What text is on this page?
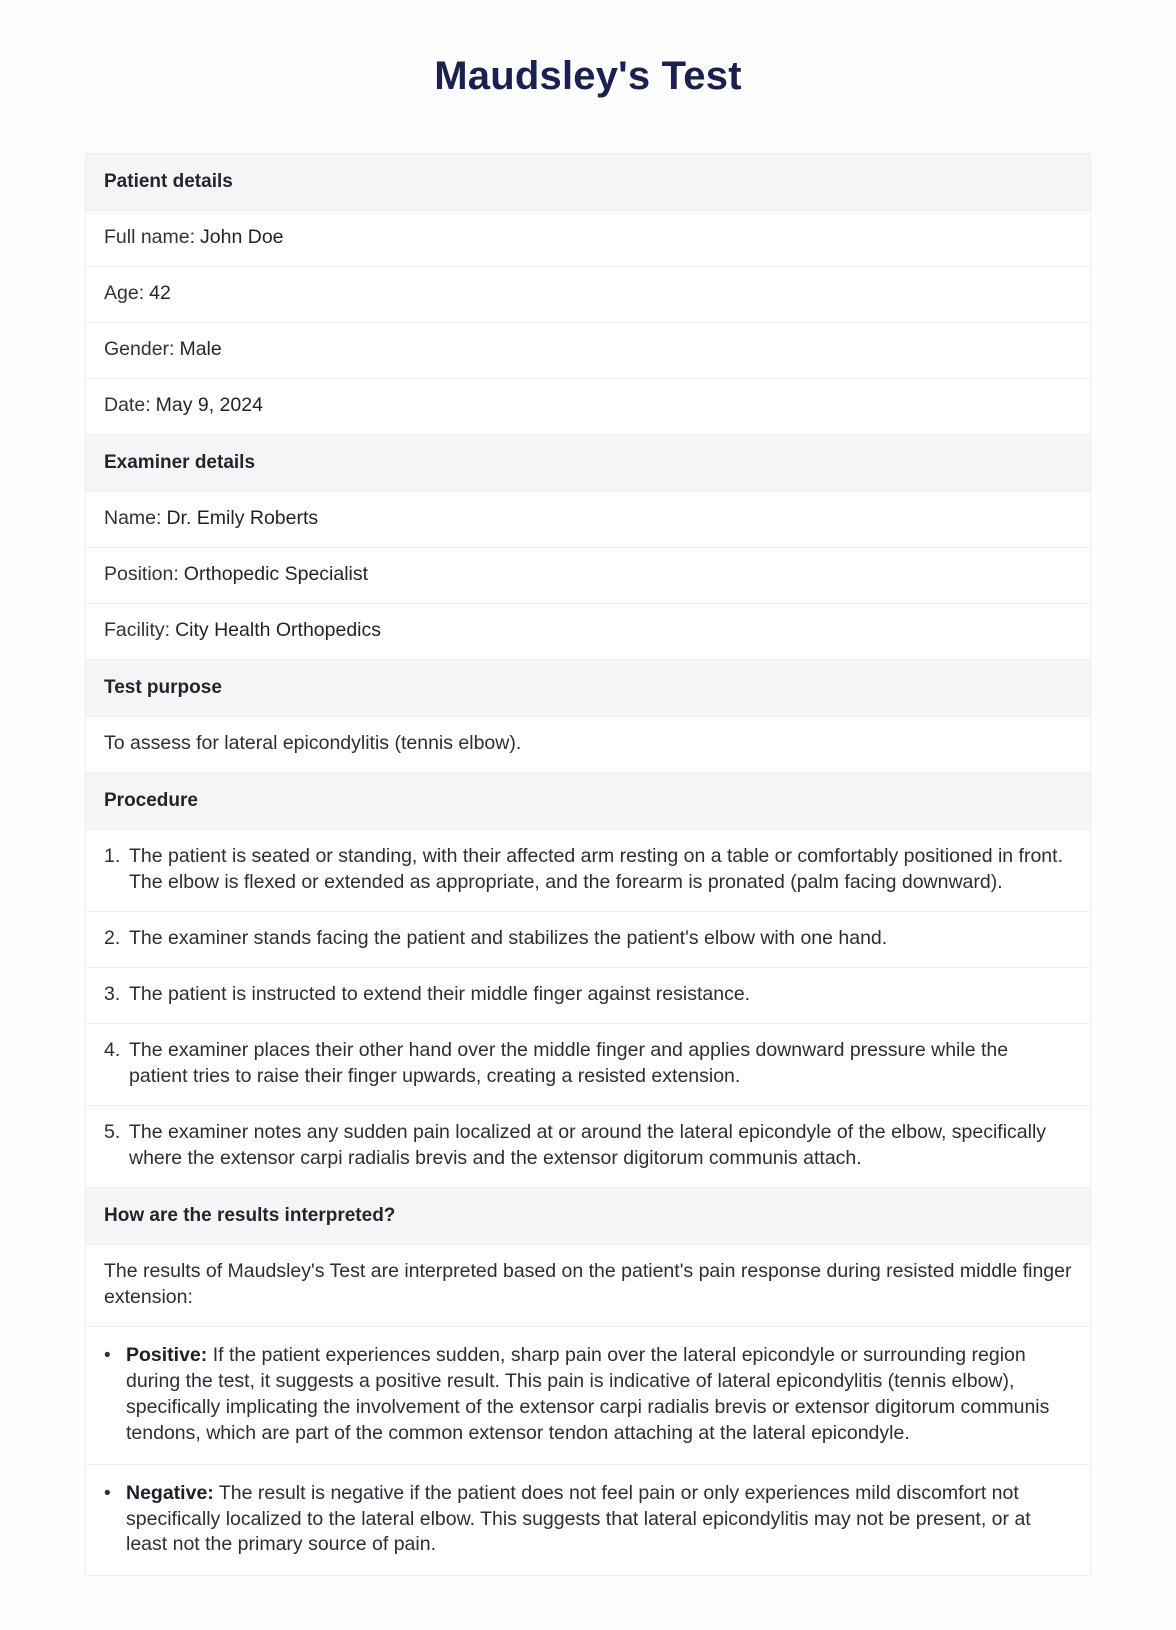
Maudsley's Test
Patient details
Full name: John Doe
Age: 42
Gender: Male
Date: May 9, 2024
Examiner details
Name: Dr. Emily Roberts
Position: Orthopedic Specialist
Facility: City Health Orthopedics
Test purpose
To assess for lateral epicondylitis (tennis elbow).
Procedure

1. The patient is seated or standing, with their affected arm resting on a table or comfortably positioned in front. The elbow is flexed or extended as appropriate, and the forearm is pronated (palm facing downward).

2. The examiner stands facing the patient and stabilizes the patient's elbow with one hand.

3. The patient is instructed to extend their middle finger against resistance.

4. The examiner places their other hand over the middle finger and applies downward pressure while the patient tries to raise their finger upwards, creating a resisted extension.

5. The examiner notes any sudden pain localized at or around the lateral epicondyle of the elbow, specifically where the extensor carpi radialis brevis and the extensor digitorum communis attach.

How are the results interpreted?
The results of Maudsley's Test are interpreted based on the patient's pain response during resisted middle finger extension:

• Positive: If the patient experiences sudden, sharp pain over the lateral epicondyle or surrounding region during the test, it suggests a positive result. This pain is indicative of lateral epicondylitis (tennis elbow), specifically implicating the involvement of the extensor carpi radialis brevis or extensor digitorum communis tendons, which are part of the common extensor tendon attaching at the lateral epicondyle.

• Negative: The result is negative if the patient does not feel pain or only experiences mild discomfort not specifically localized to the lateral elbow. This suggests that lateral epicondylitis may not be present, or at least not the primary source of pain.
